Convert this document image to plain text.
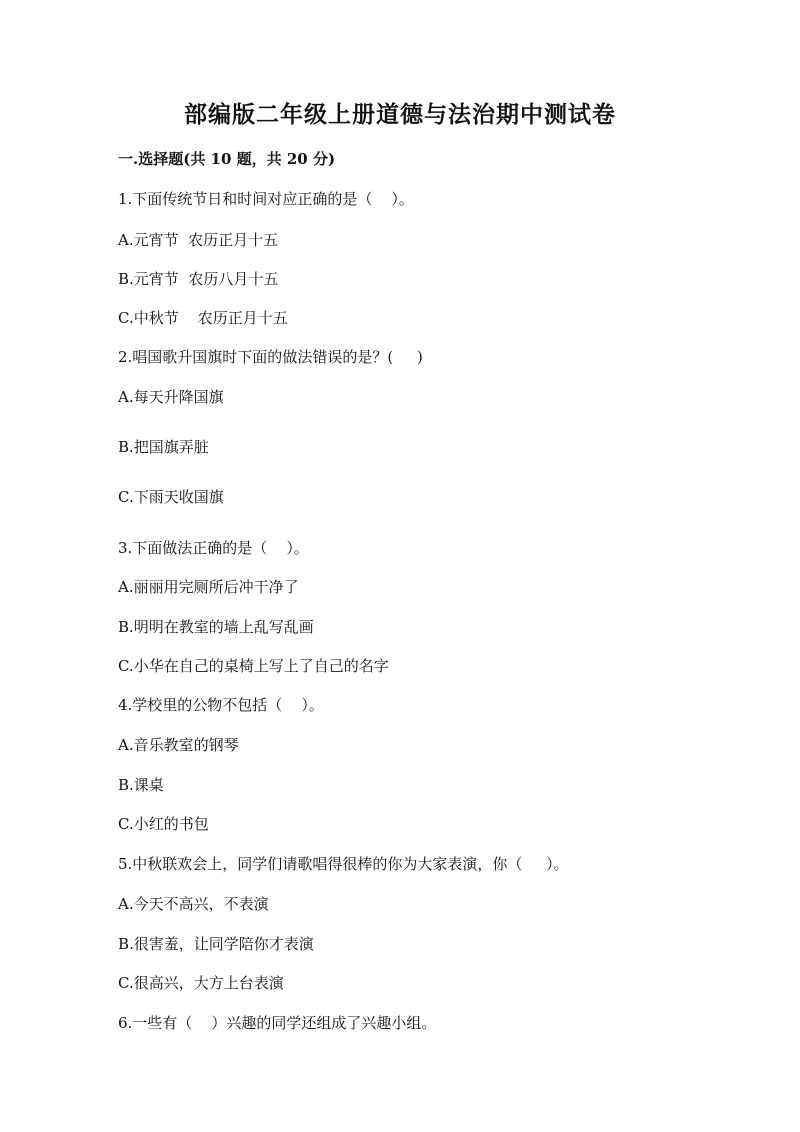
部编版二年级上册道德与法治期中测试卷
一.选择题(共 10 题，共 20 分)
1.下面传统节日和时间对应正确的是（    ）。
A.元宵节  农历正月十五
B.元宵节  农历八月十五
C.中秋节    农历正月十五
2.唱国歌升国旗时下面的做法错误的是？(     )
A.每天升降国旗
B.把国旗弄脏
C.下雨天收国旗
3.下面做法正确的是（    ）。
A.丽丽用完厕所后冲干净了
B.明明在教室的墙上乱写乱画
C.小华在自己的桌椅上写上了自己的名字
4.学校里的公物不包括（    ）。
A.音乐教室的钢琴
B.课桌
C.小红的书包
5.中秋联欢会上，同学们请歌唱得很棒的你为大家表演，你（     ）。
A.今天不高兴，不表演
B.很害羞，让同学陪你才表演
C.很高兴，大方上台表演
6.一些有（    ）兴趣的同学还组成了兴趣小组。
